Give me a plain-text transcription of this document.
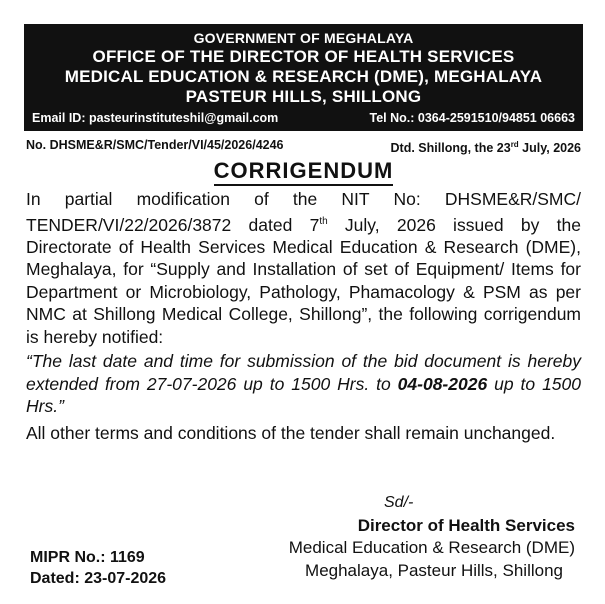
GOVERNMENT OF MEGHALAYA
OFFICE OF THE DIRECTOR OF HEALTH SERVICES
MEDICAL EDUCATION & RESEARCH (DME), MEGHALAYA
PASTEUR HILLS, SHILLONG
Email ID: pasteurinstituteshil@gmail.com	Tel No.: 0364-2591510/94851 06663
No. DHSME&R/SMC/Tender/VI/45/2026/4246	Dtd. Shillong, the 23rd July, 2026
CORRIGENDUM
In partial modification of the NIT No: DHSME&R/SMC/ TENDER/VI/22/2026/3872 dated 7th July, 2026 issued by the Directorate of Health Services Medical Education & Research (DME), Meghalaya, for “Supply and Installation of set of Equipment/ Items for Department or Microbiology, Pathology, Phamacology & PSM as per NMC at Shillong Medical College, Shillong”, the following corrigendum is hereby notified:
“The last date and time for submission of the bid document is hereby extended from 27-07-2026 up to 1500 Hrs. to 04-08-2026 up to 1500 Hrs.”
All other terms and conditions of the tender shall remain unchanged.
Sd/-
Director of Health Services
Medical Education & Research (DME)
Meghalaya, Pasteur Hills, Shillong
MIPR No.: 1169
Dated: 23-07-2026
